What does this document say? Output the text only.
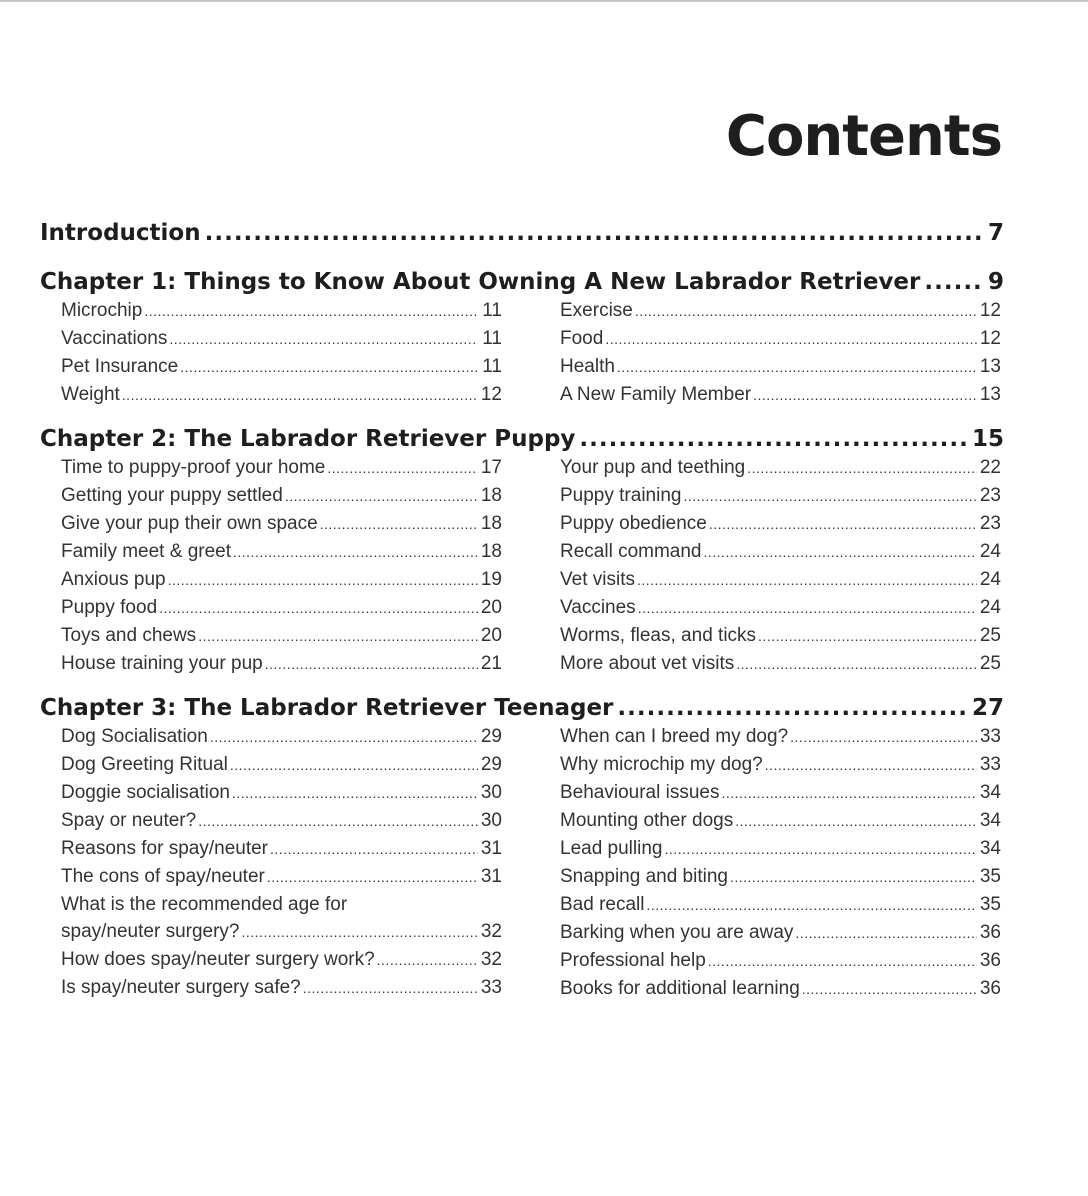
Contents
Introduction .....	7
Chapter 1: Things to Know About Owning A New Labrador Retriever .....	9
Microchip .....	11
Vaccinations .....	11
Pet Insurance .....	11
Weight .....	12
Exercise .....	12
Food .....	12
Health .....	13
A New Family Member .....	13
Chapter 2: The Labrador Retriever Puppy .....	15
Time to puppy-proof your home .....	17
Getting your puppy settled .....	18
Give your pup their own space .....	18
Family meet & greet .....	18
Anxious pup .....	19
Puppy food .....	20
Toys and chews .....	20
House training your pup .....	21
Your pup and teething .....	22
Puppy training .....	23
Puppy obedience .....	23
Recall command .....	24
Vet visits .....	24
Vaccines .....	24
Worms, fleas, and ticks .....	25
More about vet visits .....	25
Chapter 3: The Labrador Retriever Teenager .....	27
Dog Socialisation .....	29
Dog Greeting Ritual .....	29
Doggie socialisation .....	30
Spay or neuter? .....	30
Reasons for spay/neuter .....	31
The cons of spay/neuter .....	31
What is the recommended age for
spay/neuter surgery? .....	32
How does spay/neuter surgery work? .....	32
Is spay/neuter surgery safe? .....	33
When can I breed my dog? .....	33
Why microchip my dog? .....	33
Behavioural issues .....	34
Mounting other dogs .....	34
Lead pulling .....	34
Snapping and biting .....	35
Bad recall .....	35
Barking when you are away .....	36
Professional help .....	36
Books for additional learning .....	36
